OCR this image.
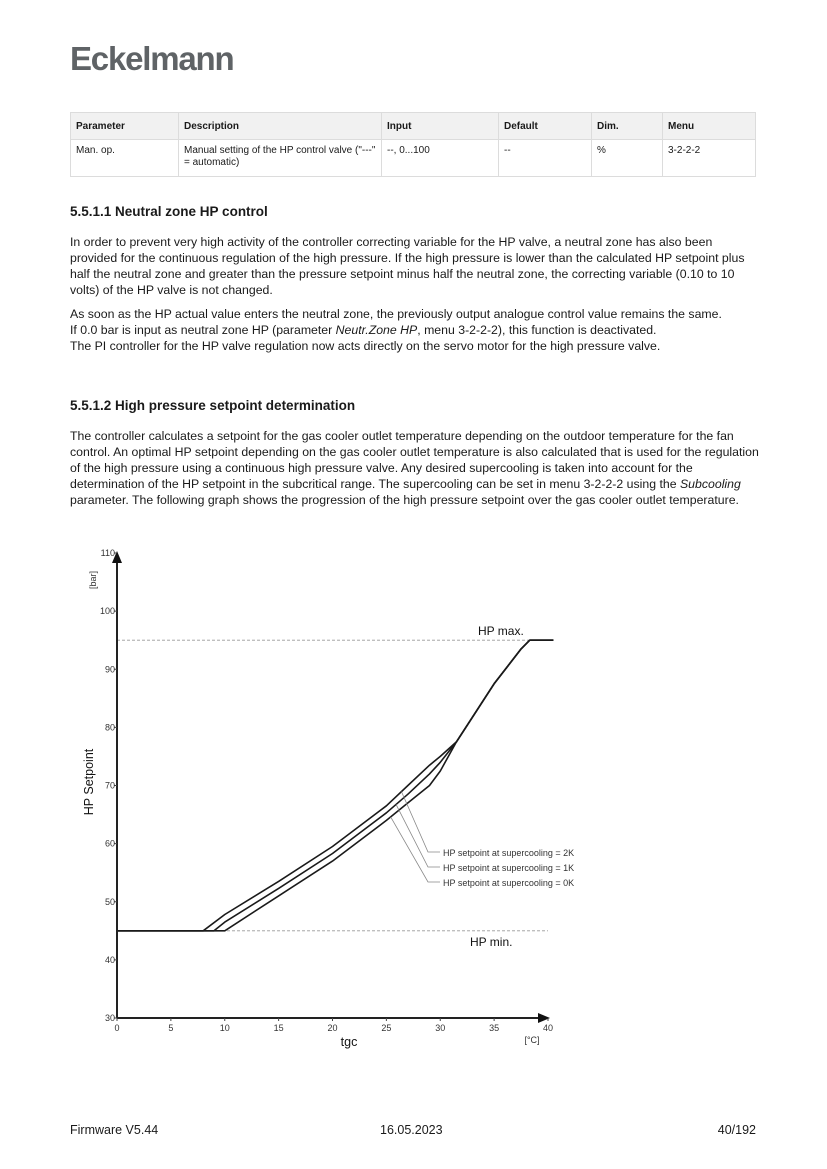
Eckelmann
Parameter	Description	Input	Default	Dim.	Menu
Man. op.	Manual setting of the HP control valve ("---" = automatic)	--, 0...100	--	%	3-2-2-2
5.5.1.1 Neutral zone HP control

In order to prevent very high activity of the controller correcting variable for the HP valve, a neutral zone has also been provided for the continuous regulation of the high pressure. If the high pressure is lower than the calculated HP setpoint plus half the neutral zone and greater than the pressure setpoint minus half the neutral zone, the correcting variable (0.10 to 10 volts) of the HP valve is not changed.

As soon as the HP actual value enters the neutral zone, the previously output analogue control value remains the same.
If 0.0 bar is input as neutral zone HP (parameter Neutr.Zone HP, menu 3-2-2-2), this function is deactivated.
The PI controller for the HP valve regulation now acts directly on the servo motor for the high pressure valve.

5.5.1.2 High pressure setpoint determination

The controller calculates a setpoint for the gas cooler outlet temperature depending on the outdoor temperature for the fan control. An optimal HP setpoint depending on the gas cooler outlet temperature is also calculated that is used for the regulation of the high pressure using a continuous high pressure valve. Any desired supercooling is taken into account for the determination of the HP setpoint in the subcritical range. The supercooling can be set in menu 3-2-2-2 using the Subcooling parameter. The following graph shows the progression of the high pressure setpoint over the gas cooler outlet temperature.

0	5	10	15	20	25	30	35	40
30
40
50
60
70
80
90
100
110
[bar]
HP Setpoint
tgc	[°C]
HP max.
HP min.
HP setpoint at supercooling = 2K
HP setpoint at supercooling = 1K
HP setpoint at supercooling = 0K
Firmware V5.44	16.05.2023	40/192
